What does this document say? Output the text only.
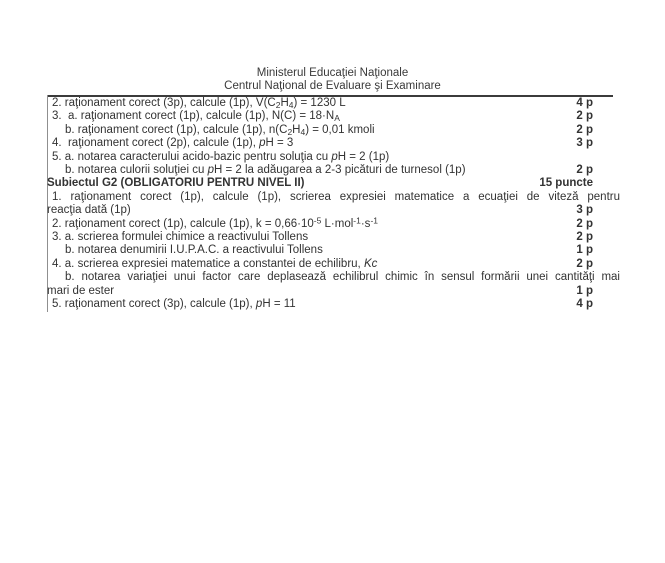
Ministerul Educaţiei Naţionale
Centrul Naţional de Evaluare şi Examinare
2. raţionament corect (3p), calcule (1p), $V(C_2H_4) = 1230$ L	4 p
3.  a. raţionament corect (1p), calcule (1p), $N(C) = 18\cdot N_A$	2 p
b. raţionament corect (1p), calcule (1p), $n(C_2H_4) = 0,01$ kmoli	2 p
4.  raţionament corect (2p), calcule (1p), pH = 3	3 p
5. a. notarea caracterului acido-bazic pentru soluţia cu pH = 2 (1p)
b. notarea culorii soluţiei cu pH = 2 la adăugarea a 2-3 picături de turnesol (1p)	2 p
Subiectul G2 (OBLIGATORIU PENTRU NIVEL II)	15 puncte
1. raţionament corect (1p), calcule (1p), scrierea expresiei matematice a ecuaţiei de viteză pentru
reacţia dată (1p)	3 p
2. raţionament corect (1p), calcule (1p), $k = 0,66\cdot 10^{-5}$ $L\cdot mol^{-1}\cdot s^{-1}$	2 p
3. a. scrierea formulei chimice a reactivului Tollens	2 p
b. notarea denumirii I.U.P.A.C. a reactivului Tollens	1 p
4. a. scrierea expresiei matematice a constantei de echilibru, Kc	2 p
b. notarea variaţiei unui factor care deplasează echilibrul chimic în sensul formării unei cantităţi mai
mari de ester	1 p
5. raţionament corect (3p), calcule (1p), pH = 11	4 p
